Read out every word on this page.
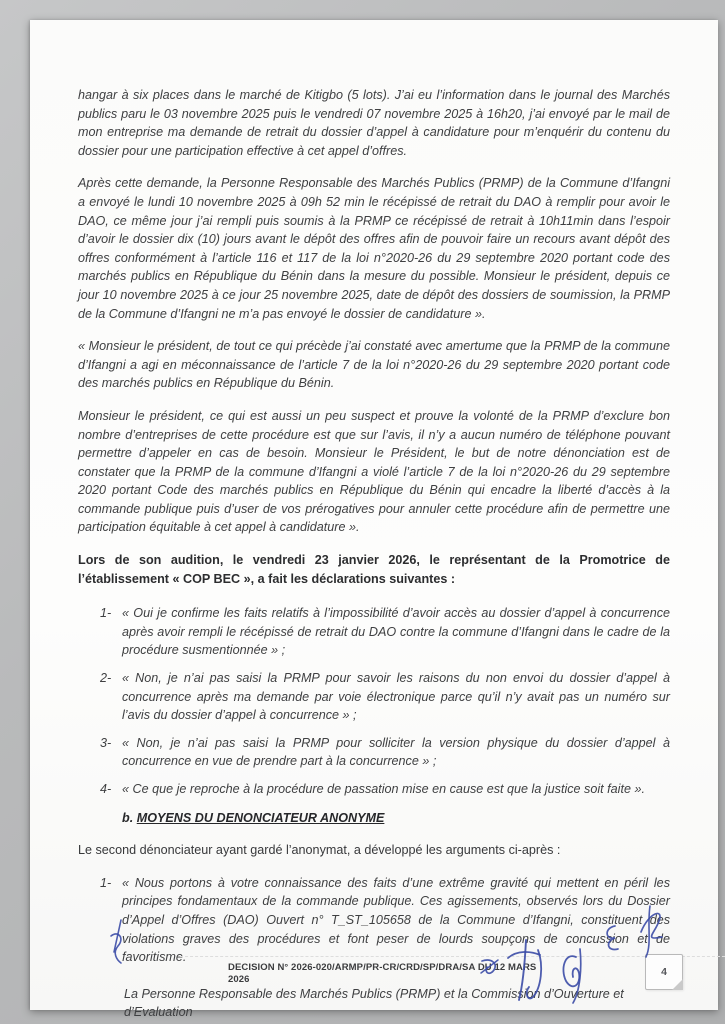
hangar à six places dans le marché de Kitigbo (5 lots). J’ai eu l’information dans le journal des Marchés publics paru le 03 novembre 2025 puis le vendredi 07 novembre 2025 à 16h20, j’ai envoyé par le mail de mon entreprise ma demande de retrait du dossier d’appel à candidature pour m’enquérir du contenu du dossier pour une participation effective à cet appel d’offres.

Après cette demande, la Personne Responsable des Marchés Publics (PRMP) de la Commune d’Ifangni a envoyé le lundi 10 novembre 2025 à 09h 52 min le récépissé de retrait du DAO à remplir pour avoir le DAO, ce même jour j’ai rempli puis soumis à la PRMP ce récépissé de retrait à 10h11min dans l’espoir d’avoir le dossier dix (10) jours avant le dépôt des offres afin de pouvoir faire un recours avant dépôt des offres conformément à l’article 116 et 117 de la loi n°2020-26 du 29 septembre 2020 portant code des marchés publics en République du Bénin dans la mesure du possible. Monsieur le président, depuis ce jour 10 novembre 2025 à ce jour 25 novembre 2025, date de dépôt des dossiers de soumission, la PRMP de la Commune d’Ifangni ne m’a pas envoyé le dossier de candidature ».

« Monsieur le président, de tout ce qui précède j’ai constaté avec amertume que la PRMP de la commune d’Ifangni a agi en méconnaissance de l’article 7 de la loi n°2020-26 du 29 septembre 2020 portant code des marchés publics en République du Bénin.

Monsieur le président, ce qui est aussi un peu suspect et prouve la volonté de la PRMP d’exclure bon nombre d’entreprises de cette procédure est que sur l’avis, il n’y a aucun numéro de téléphone pouvant permettre d’appeler en cas de besoin. Monsieur le Président, le but de notre dénonciation est de constater que la PRMP de la commune d’Ifangni a violé l’article 7 de la loi n°2020-26 du 29 septembre 2020 portant Code des marchés publics en République du Bénin qui encadre la liberté d’accès à la commande publique puis d’user de vos prérogatives pour annuler cette procédure afin de permettre une participation équitable à cet appel à candidature ».

Lors de son audition, le vendredi 23 janvier 2026, le représentant de la Promotrice de l’établissement « COP BEC », a fait les déclarations suivantes :

1- « Oui je confirme les faits relatifs à l’impossibilité d’avoir accès au dossier d’appel à concurrence après avoir rempli le récépissé de retrait du DAO contre la commune d’Ifangni dans le cadre de la procédure susmentionnée » ;
2- « Non, je n’ai pas saisi la PRMP pour savoir les raisons du non envoi du dossier d’appel à concurrence après ma demande par voie électronique parce qu’il n’y avait pas un numéro sur l’avis du dossier d’appel à concurrence » ;
3- « Non, je n’ai pas saisi la PRMP pour solliciter la version physique du dossier d’appel à concurrence en vue de prendre part à la concurrence » ;
4- « Ce que je reproche à la procédure de passation mise en cause est que la justice soit faite ».
b. MOYENS DU DENONCIATEUR ANONYME

Le second dénonciateur ayant gardé l’anonymat, a développé les arguments ci-après :

1- « Nous portons à votre connaissance des faits d’une extrême gravité qui mettent en péril les principes fondamentaux de la commande publique. Ces agissements, observés lors du Dossier d’Appel d’Offres (DAO) Ouvert n° T_ST_105658 de la Commune d’Ifangni, constituent des violations graves des procédures et font peser de lourds soupçons de concussion et de favoritisme.

La Personne Responsable des Marchés Publics (PRMP) et la Commission d’Ouverture et d’Evaluation

DECISION N° 2026-020/ARMP/PR-CR/CRD/SP/DRA/SA DU 12 MARS 2026
4
